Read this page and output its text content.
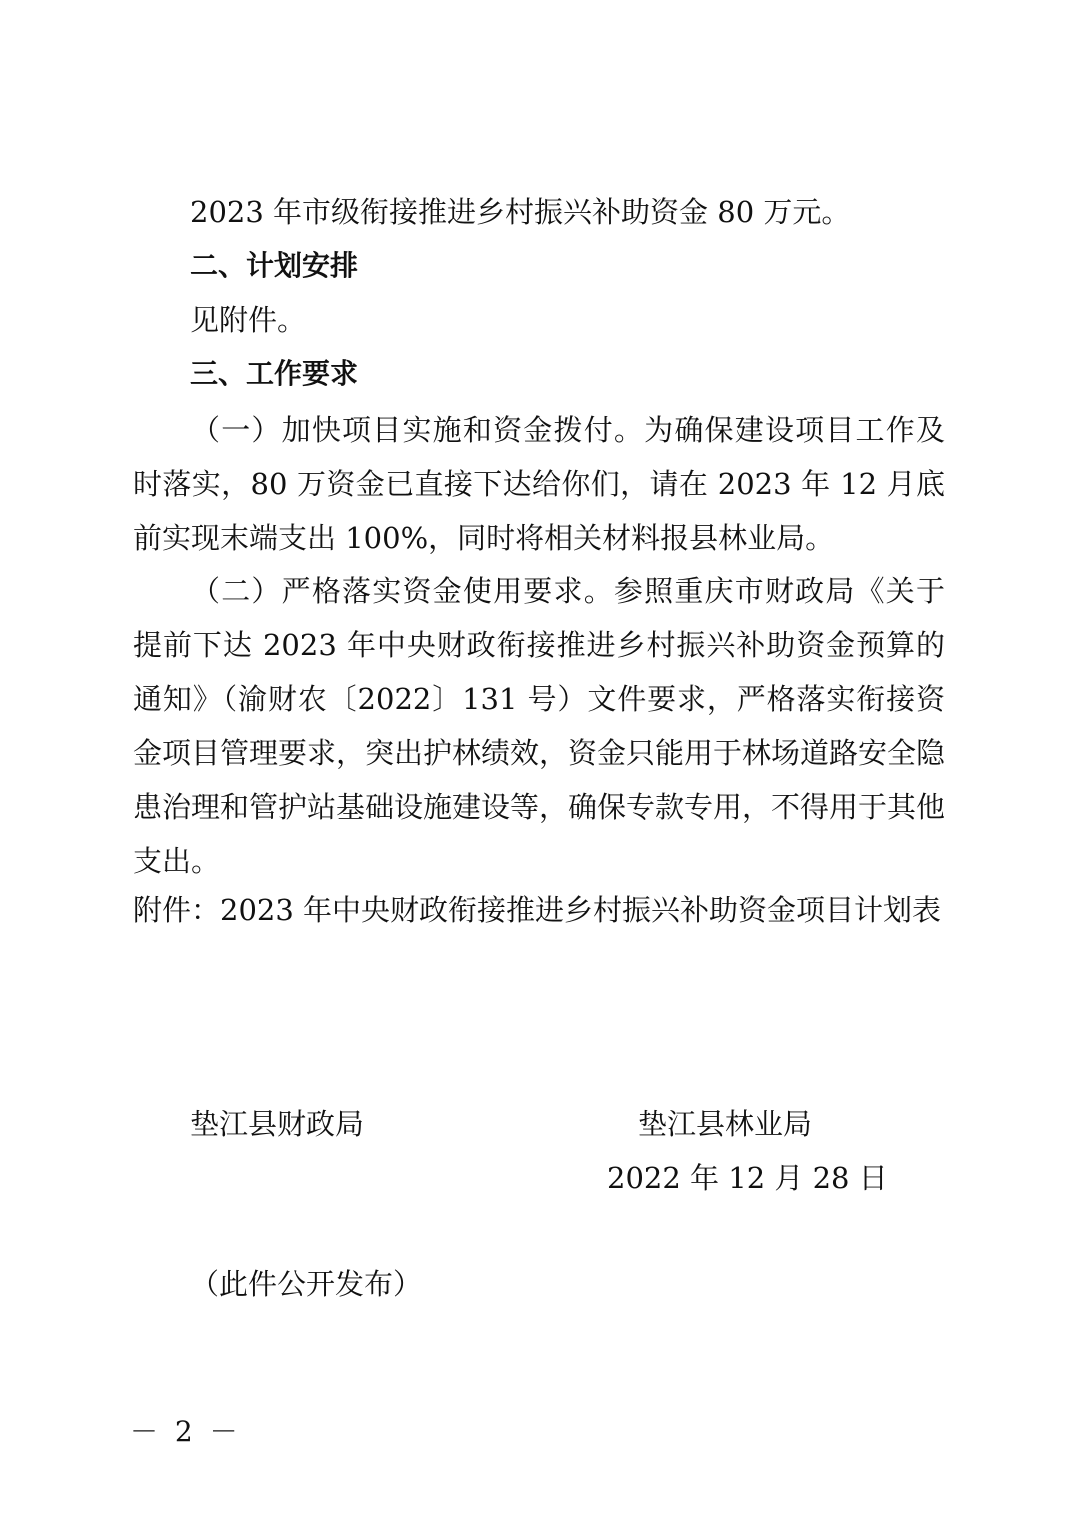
2023 年市级衔接推进乡村振兴补助资金 80 万元。
二、计划安排
见附件。
三、工作要求
（一）加快项目实施和资金拨付。为确保建设项目工作及时落实，80 万资金已直接下达给你们，请在 2023 年 12 月底前实现末端支出 100%，同时将相关材料报县林业局。
（二）严格落实资金使用要求。参照重庆市财政局《关于提前下达 2023 年中央财政衔接推进乡村振兴补助资金预算的通知》（渝财农〔2022〕131 号）文件要求，严格落实衔接资金项目管理要求，突出护林绩效，资金只能用于林场道路安全隐患治理和管护站基础设施建设等，确保专款专用，不得用于其他支出。
附件：2023 年中央财政衔接推进乡村振兴补助资金项目计划表
垫江县财政局	垫江县林业局
2022 年 12 月 28 日
（此件公开发布）
－ 2 －
